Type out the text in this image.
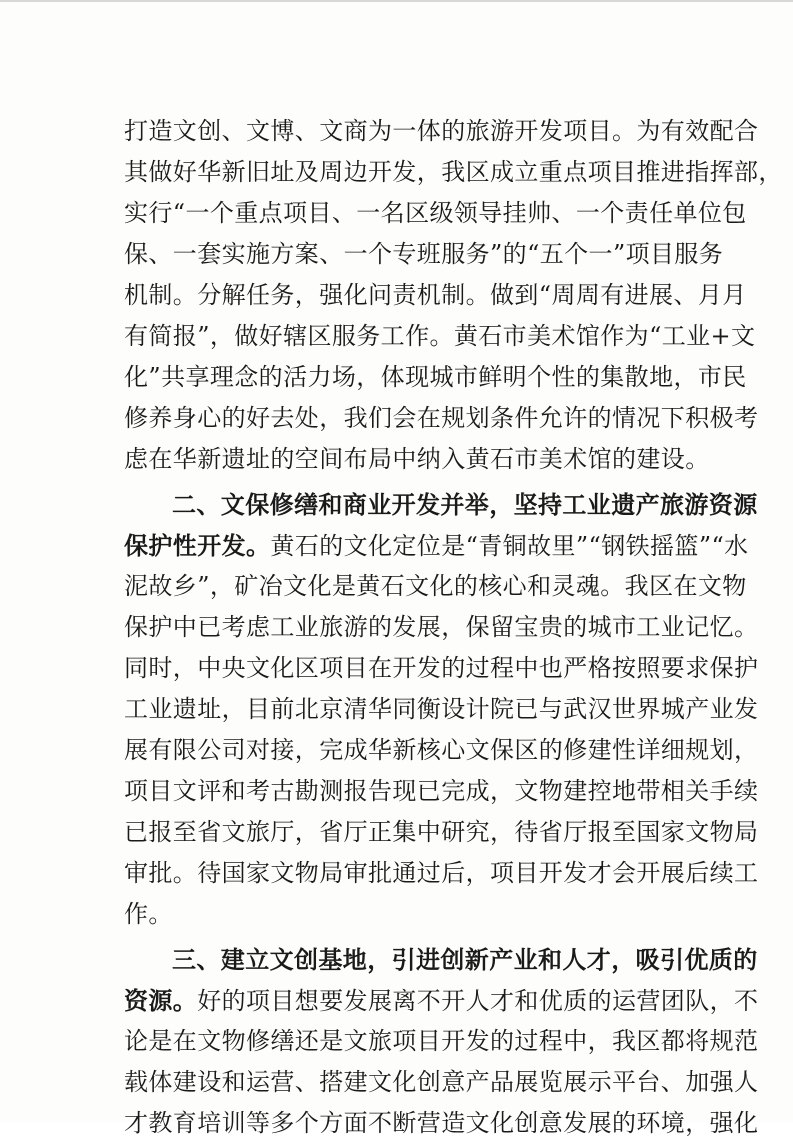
打造文创、文博、文商为一体的旅游开发项目。为有效配合
其做好华新旧址及周边开发，我区成立重点项目推进指挥部，
实行“一个重点项目、一名区级领导挂帅、一个责任单位包
保、一套实施方案、一个专班服务”的“五个一”项目服务
机制。分解任务，强化问责机制。做到“周周有进展、月月
有简报”，做好辖区服务工作。黄石市美术馆作为“工业+文
化”共享理念的活力场，体现城市鲜明个性的集散地，市民
修养身心的好去处，我们会在规划条件允许的情况下积极考
虑在华新遗址的空间布局中纳入黄石市美术馆的建设。
二、文保修缮和商业开发并举，坚持工业遗产旅游资源
保护性开发。黄石的文化定位是“青铜故里”“钢铁摇篮”“水
泥故乡”，矿冶文化是黄石文化的核心和灵魂。我区在文物
保护中已考虑工业旅游的发展，保留宝贵的城市工业记忆。
同时，中央文化区项目在开发的过程中也严格按照要求保护
工业遗址，目前北京清华同衡设计院已与武汉世界城产业发
展有限公司对接，完成华新核心文保区的修建性详细规划，
项目文评和考古勘测报告现已完成，文物建控地带相关手续
已报至省文旅厅，省厅正集中研究，待省厅报至国家文物局
审批。待国家文物局审批通过后，项目开发才会开展后续工
作。
三、建立文创基地，引进创新产业和人才，吸引优质的
资源。好的项目想要发展离不开人才和优质的运营团队，不
论是在文物修缮还是文旅项目开发的过程中，我区都将规范
载体建设和运营、搭建文化创意产品展览展示平台、加强人
才教育培训等多个方面不断营造文化创意发展的环境，强化
